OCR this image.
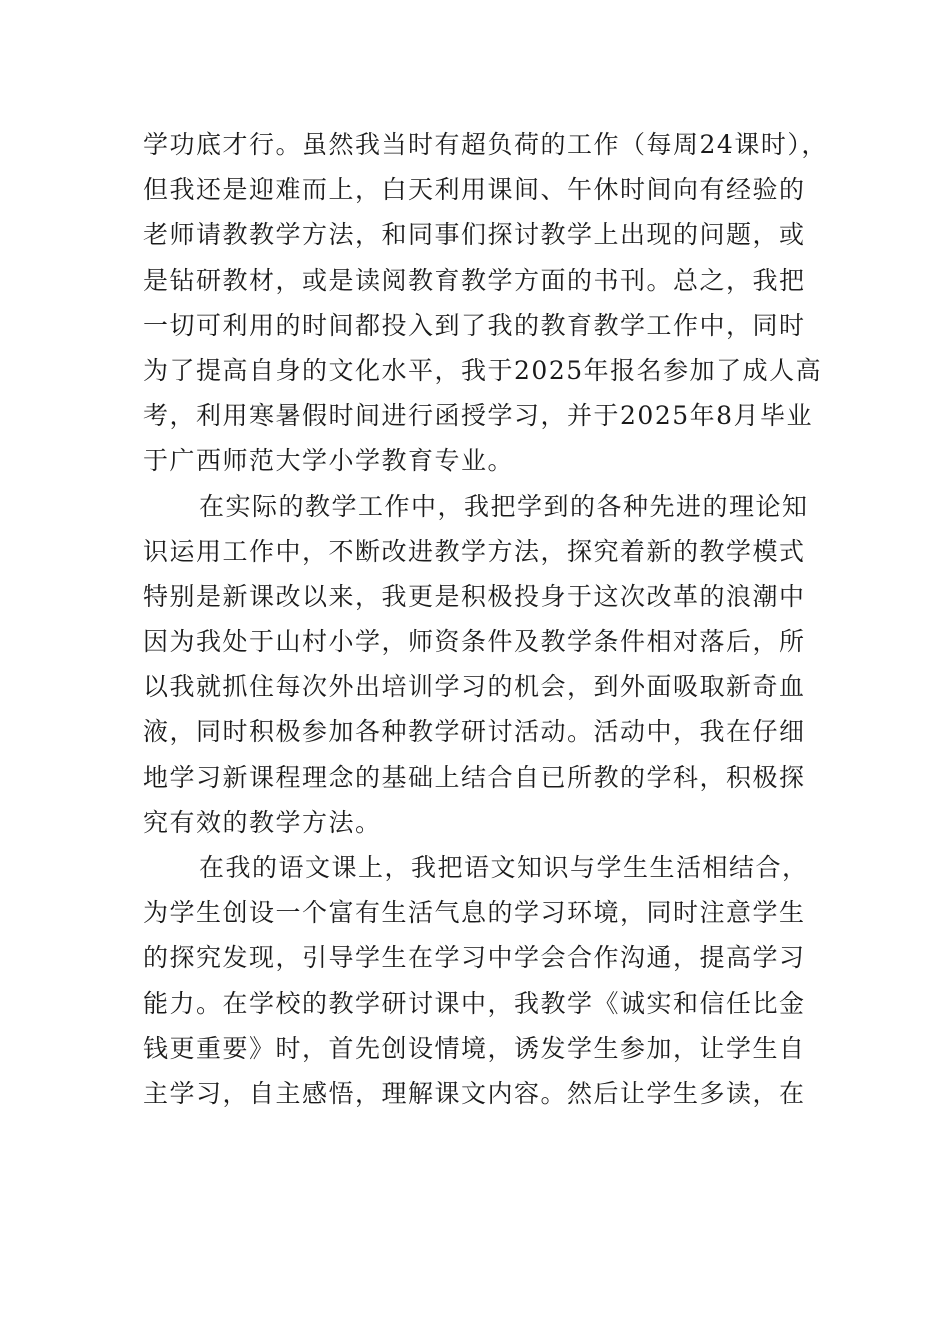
学功底才行。虽然我当时有超负荷的工作（每周24课时），
但我还是迎难而上，白天利用课间、午休时间向有经验的
老师请教教学方法，和同事们探讨教学上出现的问题，或
是钻研教材，或是读阅教育教学方面的书刊。总之，我把
一切可利用的时间都投入到了我的教育教学工作中，同时
为了提高自身的文化水平，我于2025年报名参加了成人高
考，利用寒暑假时间进行函授学习，并于2025年8月毕业
于广西师范大学小学教育专业。
在实际的教学工作中，我把学到的各种先进的理论知
识运用工作中，不断改进教学方法，探究着新的教学模式
特别是新课改以来，我更是积极投身于这次改革的浪潮中
因为我处于山村小学，师资条件及教学条件相对落后，所
以我就抓住每次外出培训学习的机会，到外面吸取新奇血
液，同时积极参加各种教学研讨活动。活动中，我在仔细
地学习新课程理念的基础上结合自已所教的学科，积极探
究有效的教学方法。
在我的语文课上，我把语文知识与学生生活相结合，
为学生创设一个富有生活气息的学习环境，同时注意学生
的探究发现，引导学生在学习中学会合作沟通，提高学习
能力。在学校的教学研讨课中，我教学《诚实和信任比金
钱更重要》时，首先创设情境，诱发学生参加，让学生自
主学习，自主感悟，理解课文内容。然后让学生多读，在
